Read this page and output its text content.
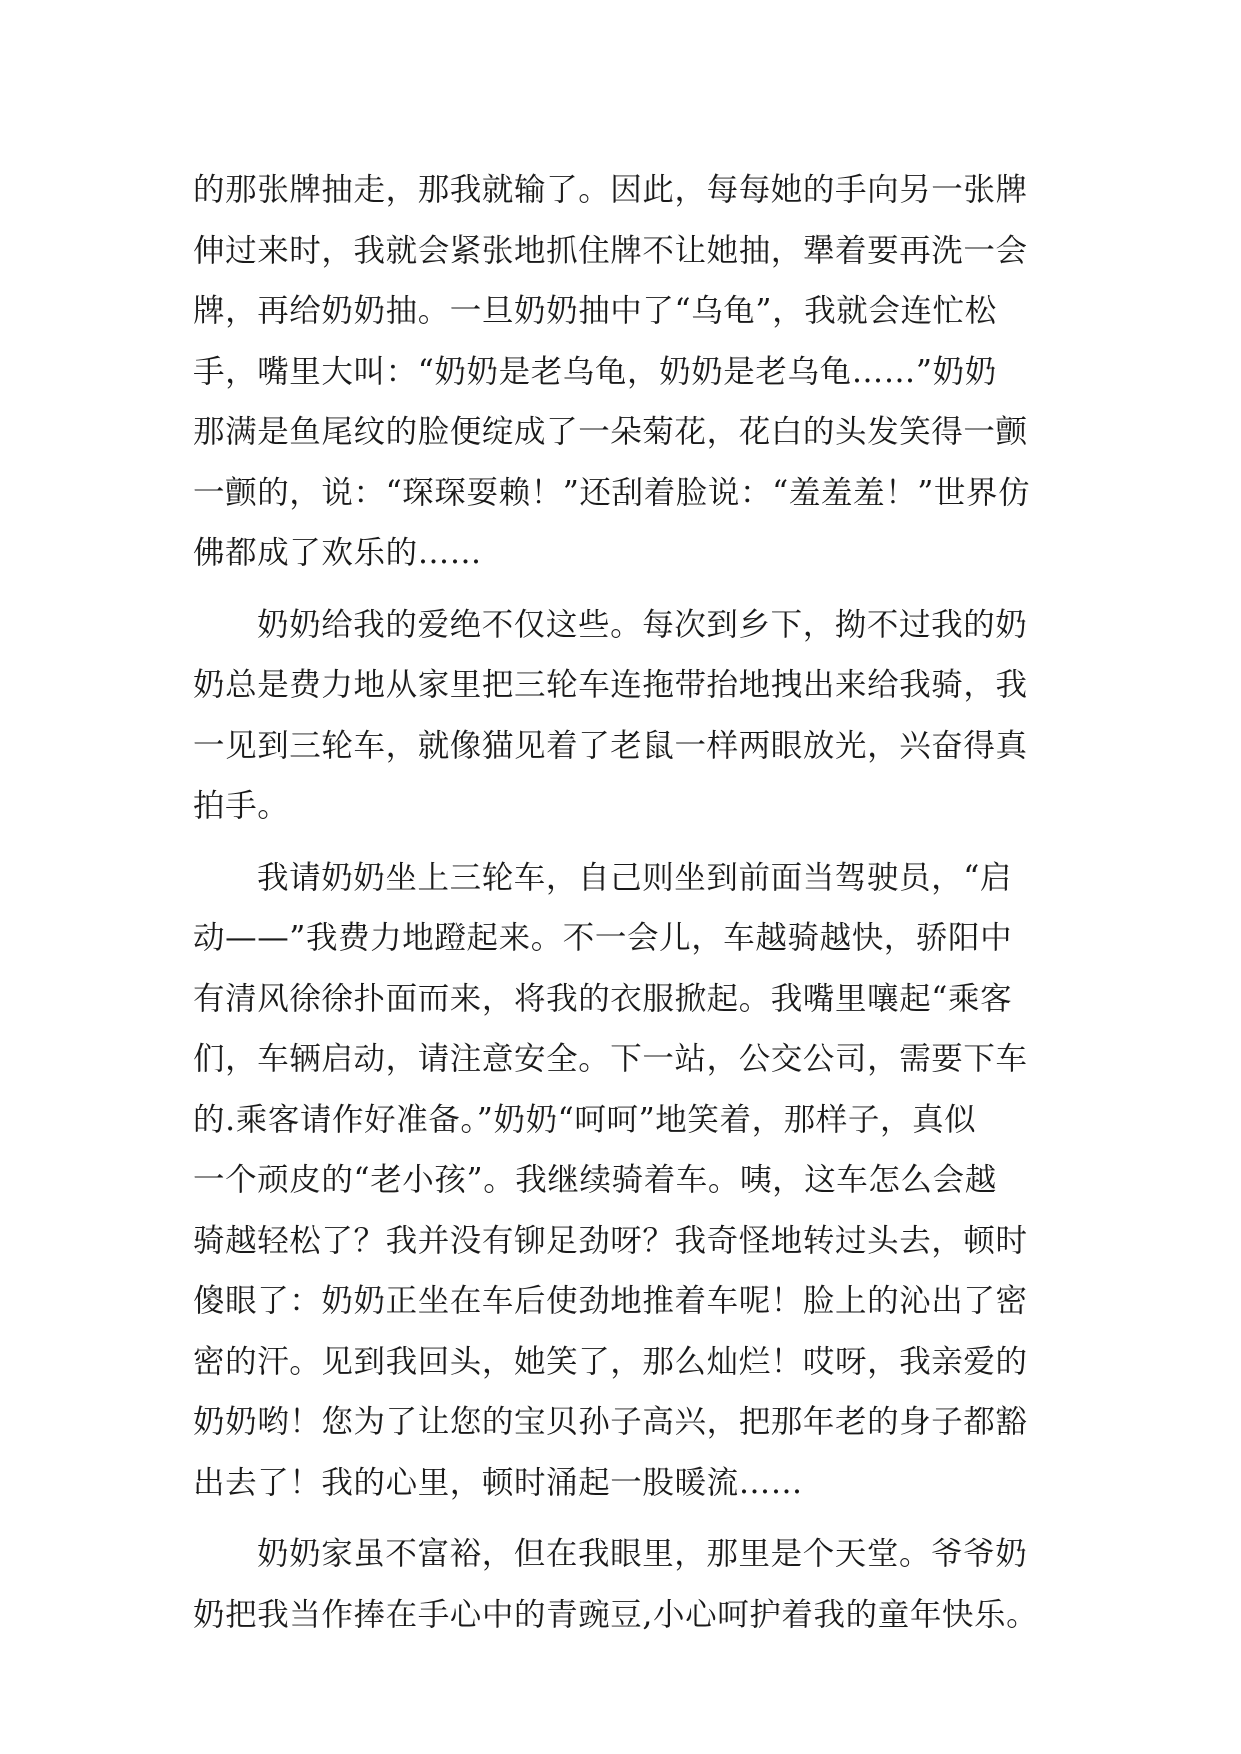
的那张牌抽走，那我就输了。因此，每每她的手向另一张牌
伸过来时，我就会紧张地抓住牌不让她抽，犟着要再洗一会
牌，再给奶奶抽。一旦奶奶抽中了“乌龟”，我就会连忙松
手，嘴里大叫：“奶奶是老乌龟，奶奶是老乌龟……”奶奶
那满是鱼尾纹的脸便绽成了一朵菊花，花白的头发笑得一颤
一颤的，说：“琛琛耍赖！”还刮着脸说：“羞羞羞！”世界仿
佛都成了欢乐的……
奶奶给我的爱绝不仅这些。每次到乡下，拗不过我的奶
奶总是费力地从家里把三轮车连拖带抬地拽出来给我骑，我
一见到三轮车，就像猫见着了老鼠一样两眼放光，兴奋得真
拍手。
我请奶奶坐上三轮车，自己则坐到前面当驾驶员，“启
动——”我费力地蹬起来。不一会儿，车越骑越快，骄阳中
有清风徐徐扑面而来，将我的衣服掀起。我嘴里嚷起“乘客
们，车辆启动，请注意安全。下一站，公交公司，需要下车
的.乘客请作好准备。”奶奶“呵呵”地笑着，那样子，真似
一个顽皮的“老小孩”。我继续骑着车。咦，这车怎么会越
骑越轻松了？我并没有铆足劲呀？我奇怪地转过头去，顿时
傻眼了：奶奶正坐在车后使劲地推着车呢！脸上的沁出了密
密的汗。见到我回头，她笑了，那么灿烂！哎呀，我亲爱的
奶奶哟！您为了让您的宝贝孙子高兴，把那年老的身子都豁
出去了！我的心里，顿时涌起一股暖流……
奶奶家虽不富裕，但在我眼里，那里是个天堂。爷爷奶
奶把我当作捧在手心中的青豌豆,小心呵护着我的童年快乐。
